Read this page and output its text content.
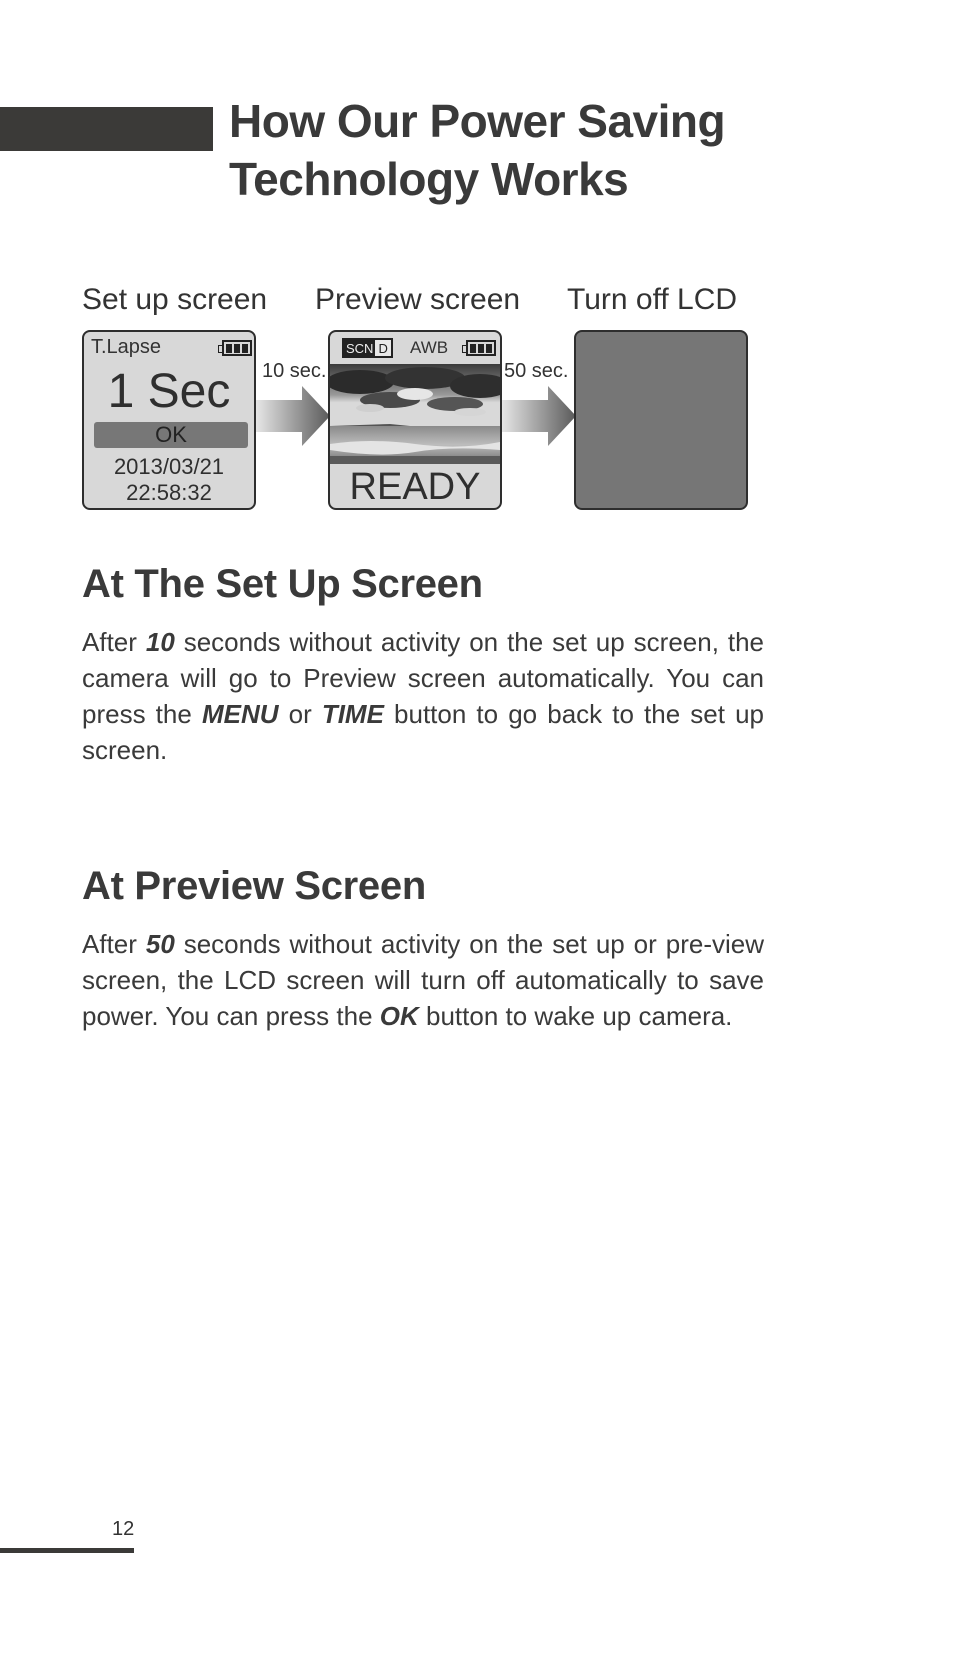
How Our Power Saving Technology Works
Set up screen Preview screen Turn off LCD
T.Lapse
1 Sec
OK
2013/03/21
22:58:32
10 sec.
SCN D AWB
READY
50 sec.
At The Set Up Screen

After 10 seconds without activity on the set up screen, the camera will go to Preview screen automatically. You can press the MENU or TIME button to go back to the set up screen.

At Preview Screen

After 50 seconds without activity on the set up or pre-view screen, the LCD screen will turn off automatically to save power. You can press the OK button to wake up camera.

12
